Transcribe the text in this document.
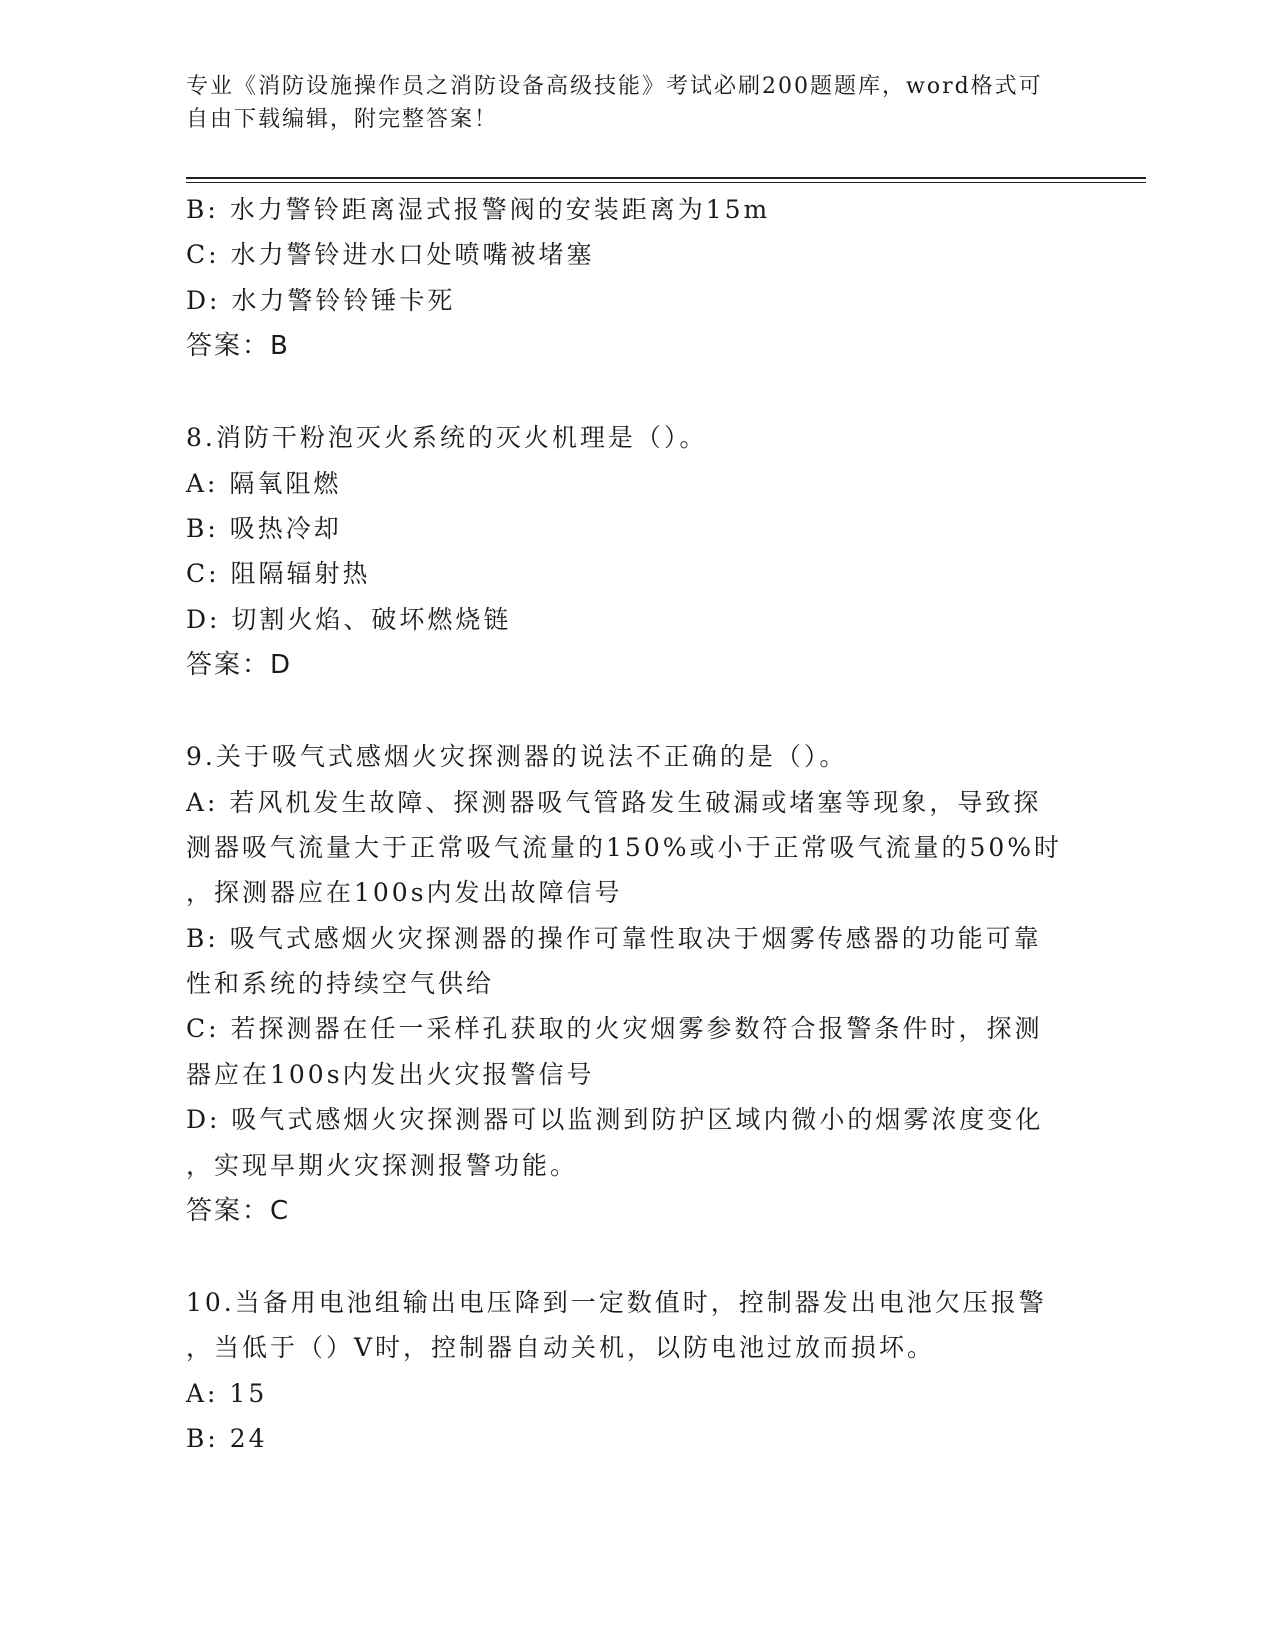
专业《消防设施操作员之消防设备高级技能》考试必刷200题题库，word格式可
自由下载编辑，附完整答案！
B: 水力警铃距离湿式报警阀的安装距离为15m
C: 水力警铃进水口处喷嘴被堵塞
D: 水力警铃铃锤卡死
答案：B
8.消防干粉泡灭火系统的灭火机理是（）。
A: 隔氧阻燃
B: 吸热冷却
C: 阻隔辐射热
D: 切割火焰、破坏燃烧链
答案：D
9.关于吸气式感烟火灾探测器的说法不正确的是（）。
A: 若风机发生故障、探测器吸气管路发生破漏或堵塞等现象，导致探
测器吸气流量大于正常吸气流量的150%或小于正常吸气流量的50%时
，探测器应在100s内发出故障信号
B: 吸气式感烟火灾探测器的操作可靠性取决于烟雾传感器的功能可靠
性和系统的持续空气供给
C: 若探测器在任一采样孔获取的火灾烟雾参数符合报警条件时，探测
器应在100s内发出火灾报警信号
D: 吸气式感烟火灾探测器可以监测到防护区域内微小的烟雾浓度变化
，实现早期火灾探测报警功能。
答案：C
10.当备用电池组输出电压降到一定数值时，控制器发出电池欠压报警
，当低于（）V时，控制器自动关机，以防电池过放而损坏。
A: 15
B: 24
